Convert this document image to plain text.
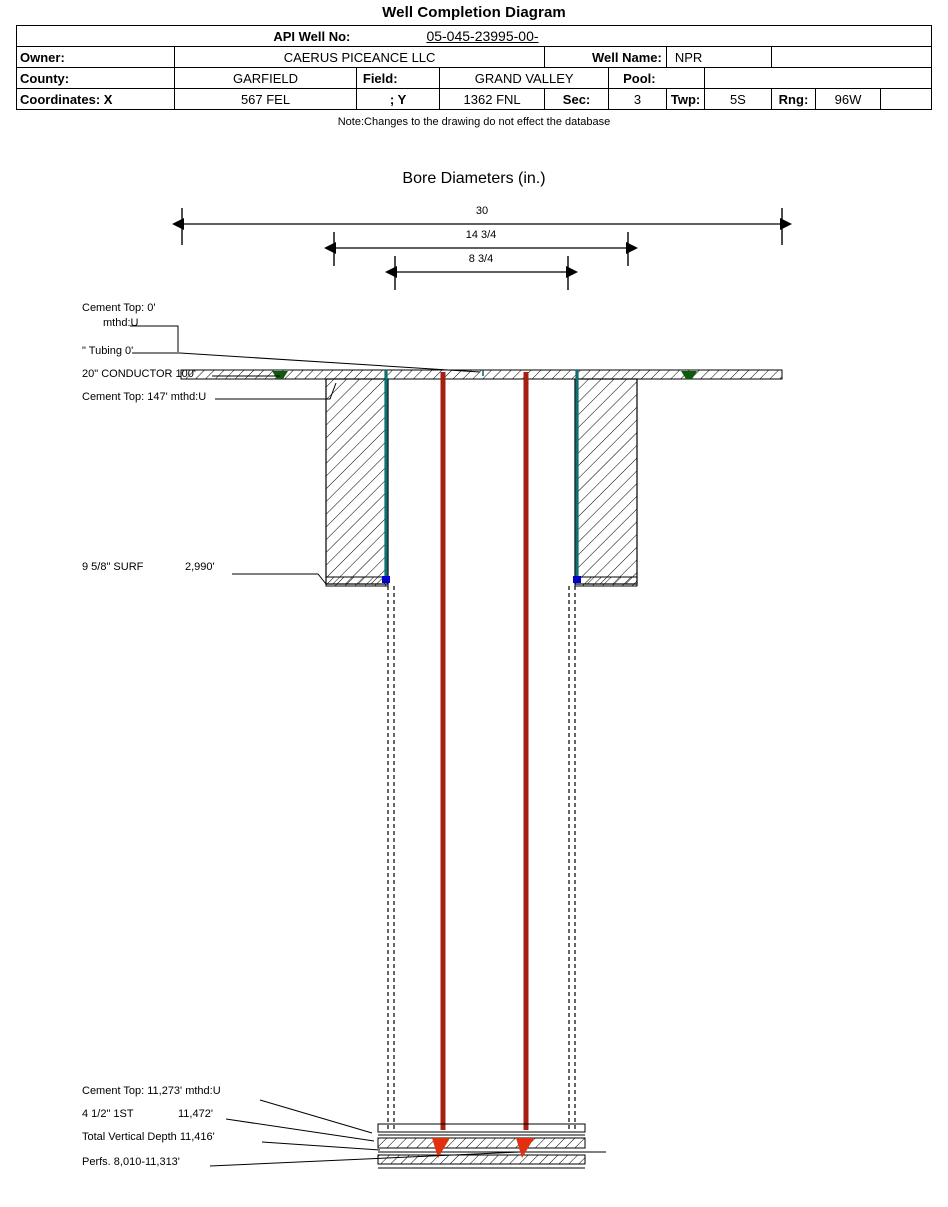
Well Completion Diagram
	API Well No:	05-045-23995-00-								
Owner:	CAERUS PICEANCE LLC			Well Name:		NPR				
County:	GARFIELD	Field:	GRAND VALLEY		Pool:					
Coordinates: X	567 FEL	; Y	1362 FNL	Sec:	3	Twp:	5S	Rng:	96W	
Note:Changes to the drawing do not effect the database
Bore Diameters (in.)
30
14 3/4
8 3/4
Cement Top: 0'
mthd:U
" Tubing 0'
20" CONDUCTOR 100'
Cement Top: 147' mthd:U
9 5/8" SURF	2,990'
Cement Top: 11,273' mthd:U
4 1/2" 1ST	11,472'
Total Vertical Depth 11,416'
Perfs. 8,010-11,313'
